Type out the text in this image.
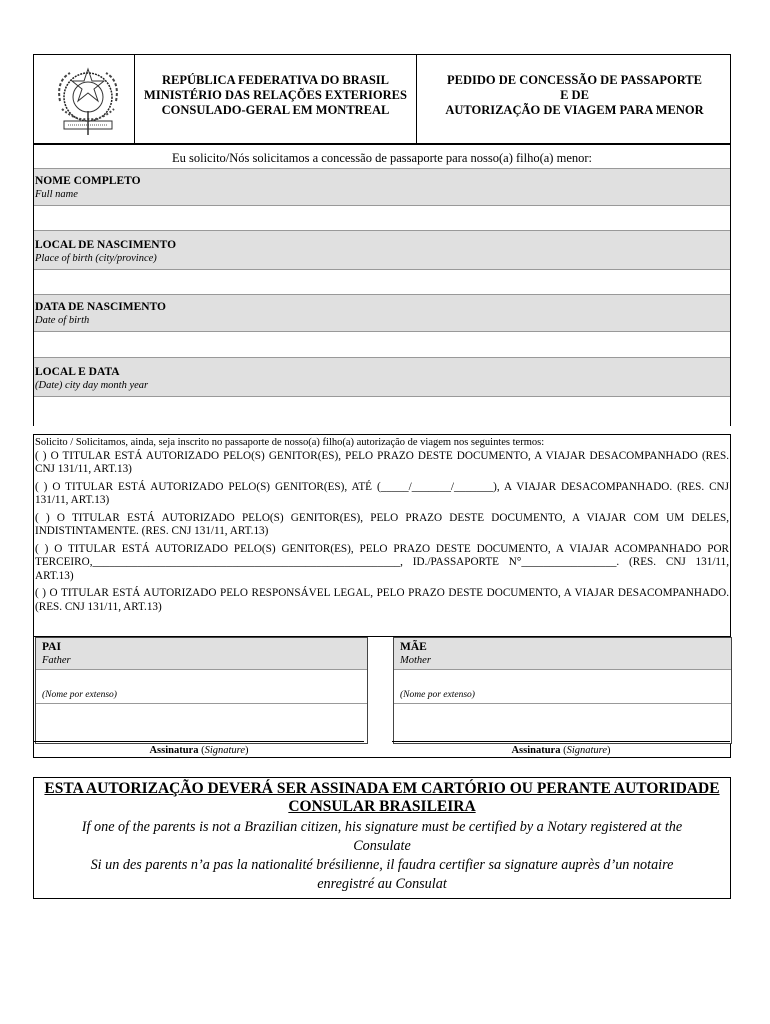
REPÚBLICA FEDERATIVA DO BRASIL
MINISTÉRIO DAS RELAÇÕES EXTERIORES
CONSULADO-GERAL EM MONTREAL
PEDIDO DE CONCESSÃO DE PASSAPORTE
E DE
AUTORIZAÇÃO DE VIAGEM PARA MENOR
Eu solicito/Nós solicitamos a concessão de passaporte para nosso(a) filho(a) menor:
NOME COMPLETO
Full name
LOCAL DE NASCIMENTO
Place of birth (city/province)
DATA DE NASCIMENTO
Date of birth
LOCAL E DATA
(Date) city day month year

Solicito / Solicitamos, ainda, seja inscrito no passaporte de nosso(a) filho(a) autorização de viagem nos seguintes termos:

( ) O TITULAR ESTÁ AUTORIZADO PELO(S) GENITOR(ES), PELO PRAZO DESTE DOCUMENTO, A VIAJAR DESACOMPANHADO (RES. CNJ 131/11, ART.13)

( ) O TITULAR ESTÁ AUTORIZADO PELO(S) GENITOR(ES), ATÉ (_____/_______/_______), A VIAJAR DESACOMPANHADO. (RES. CNJ 131/11, ART.13)

( ) O TITULAR ESTÁ AUTORIZADO PELO(S) GENITOR(ES), PELO PRAZO DESTE DOCUMENTO, A VIAJAR COM UM DELES, INDISTINTAMENTE. (RES. CNJ 131/11, ART.13)

( ) O TITULAR ESTÁ AUTORIZADO PELO(S) GENITOR(ES), PELO PRAZO DESTE DOCUMENTO, A VIAJAR ACOMPANHADO POR TERCEIRO,_______________________________________________________, ID./PASSAPORTE N°_________________. (RES. CNJ 131/11, ART.13)

( ) O TITULAR ESTÁ AUTORIZADO PELO RESPONSÁVEL LEGAL, PELO PRAZO DESTE DOCUMENTO, A VIAJAR DESACOMPANHADO. (RES. CNJ 131/11, ART.13)

PAI
Father
(Nome por extenso)
MÃE
Mother
(Nome por extenso)
Assinatura (Signature)	Assinatura (Signature)
ESTA AUTORIZAÇÃO DEVERÁ SER ASSINADA EM CARTÓRIO OU PERANTE AUTORIDADE
CONSULAR BRASILEIRA
If one of the parents is not a Brazilian citizen, his signature must be certified by a Notary registered at the
Consulate
Si un des parents n’a pas la nationalité brésilienne, il faudra certifier sa signature auprès d’un notaire
enregistré au Consulat
